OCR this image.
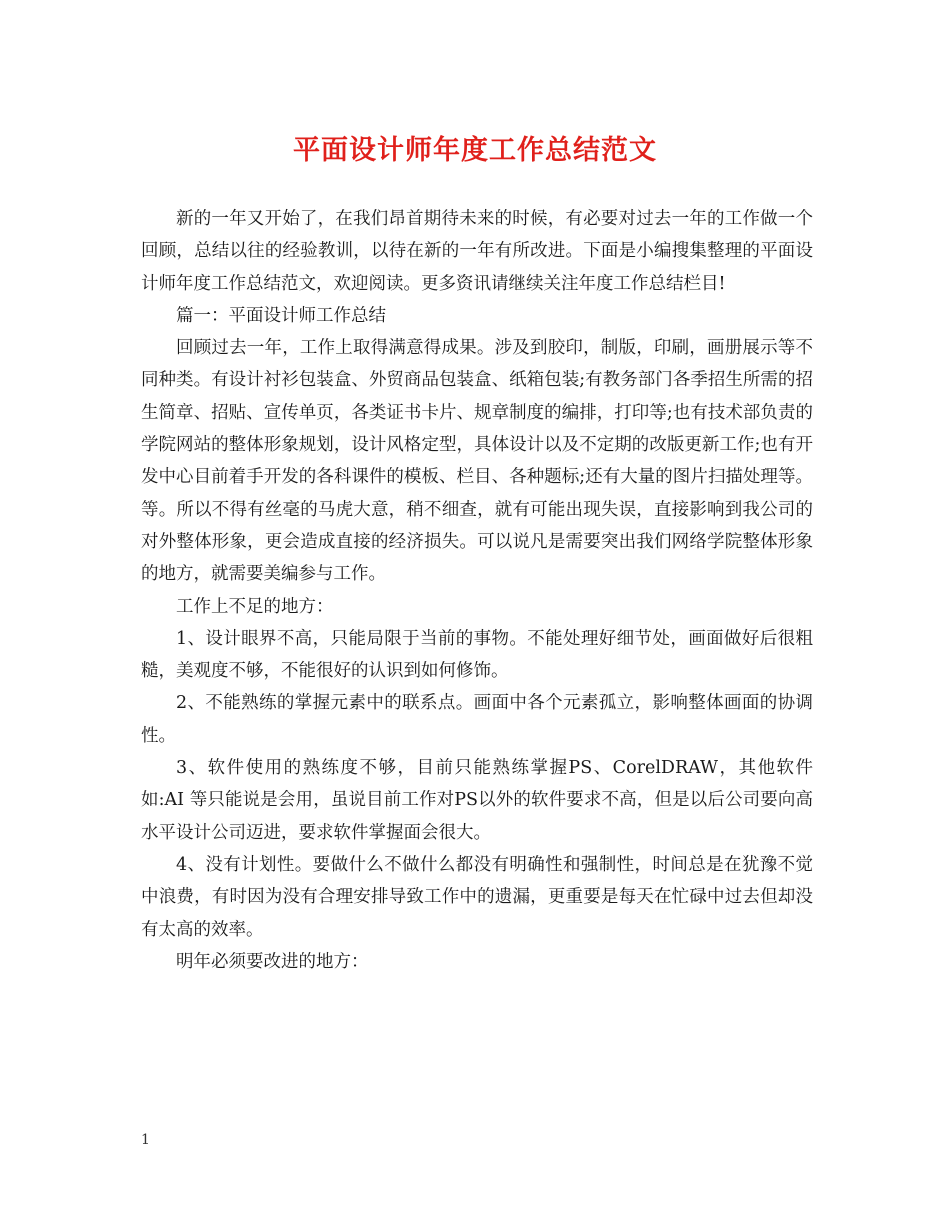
平面设计师年度工作总结范文

新的一年又开始了，在我们昂首期待未来的时候，有必要对过去一年的工作做一个回顾，总结以往的经验教训，以待在新的一年有所改进。下面是小编搜集整理的平面设计师年度工作总结范文，欢迎阅读。更多资讯请继续关注年度工作总结栏目!

篇一：平面设计师工作总结

回顾过去一年，工作上取得满意得成果。涉及到胶印，制版，印刷，画册展示等不同种类。有设计衬衫包装盒、外贸商品包装盒、纸箱包装;有教务部门各季招生所需的招生简章、招贴、宣传单页，各类证书卡片、规章制度的编排，打印等;也有技术部负责的学院网站的整体形象规划，设计风格定型，具体设计以及不定期的改版更新工作;也有开发中心目前着手开发的各科课件的模板、栏目、各种题标;还有大量的图片扫描处理等。等。所以不得有丝毫的马虎大意，稍不细查，就有可能出现失误，直接影响到我公司的对外整体形象，更会造成直接的经济损失。可以说凡是需要突出我们网络学院整体形象的地方，就需要美编参与工作。

工作上不足的地方：

1、设计眼界不高，只能局限于当前的事物。不能处理好细节处，画面做好后很粗糙，美观度不够，不能很好的认识到如何修饰。

2、不能熟练的掌握元素中的联系点。画面中各个元素孤立，影响整体画面的协调性。

3、软件使用的熟练度不够，目前只能熟练掌握PS、CorelDRAW，其他软件如:AI 等只能说是会用，虽说目前工作对PS以外的软件要求不高，但是以后公司要向高水平设计公司迈进，要求软件掌握面会很大。

4、没有计划性。要做什么不做什么都没有明确性和强制性，时间总是在犹豫不觉中浪费，有时因为没有合理安排导致工作中的遗漏，更重要是每天在忙碌中过去但却没有太高的效率。

明年必须要改进的地方：

1
